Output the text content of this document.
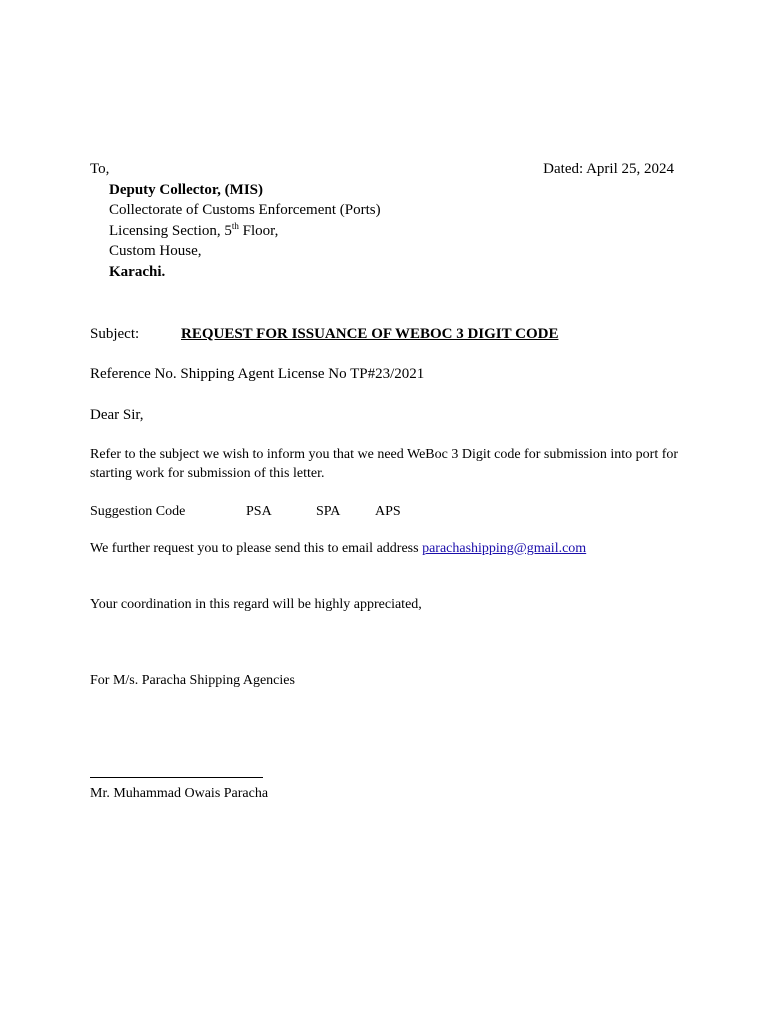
To,	Dated: April 25, 2024
Deputy Collector, (MIS)
Collectorate of Customs Enforcement (Ports)
Licensing Section, 5th Floor,
Custom House,
Karachi.
Subject:	REQUEST FOR ISSUANCE OF WEBOC 3 DIGIT CODE
Reference No. Shipping Agent License No TP#23/2021
Dear Sir,
Refer to the subject we wish to inform you that we need WeBoc 3 Digit code for submission into port for starting work for submission of this letter.
Suggestion Code	PSA	SPA APS
We further request you to please send this to email address parachashipping@gmail.com
Your coordination in this regard will be highly appreciated,
For M/s. Paracha Shipping Agencies
Mr. Muhammad Owais Paracha
